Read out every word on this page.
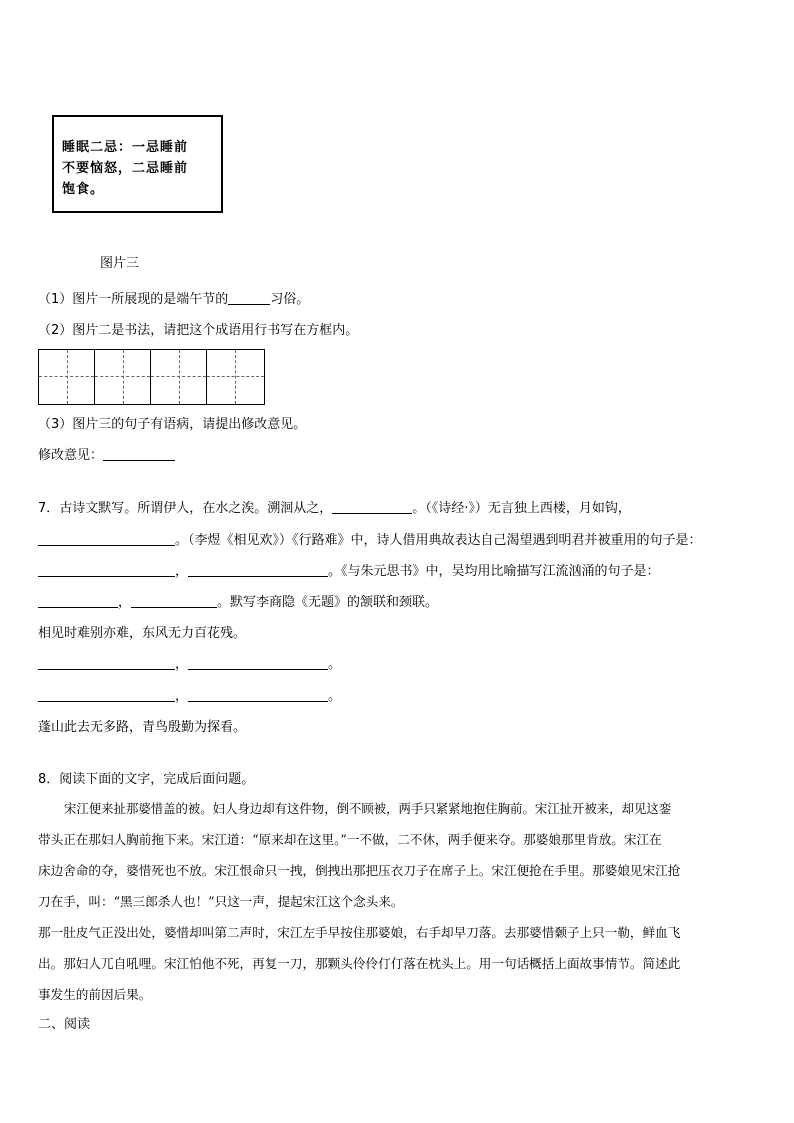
睡眠二忌：一忌睡前
不要恼怒，二忌睡前
饱食。
图片三
（1）图片一所展现的是端午节的	习俗。
（2）图片二是书法，请把这个成语用行书写在方框内。
（3）图片三的句子有语病，请提出修改意见。
修改意见：
7．古诗文默写。所谓伊人，在水之涘。溯洄从之，	。（《诗经·》）无言独上西楼，月如钩，
。（李煜《相见欢》）《行路难》中，诗人借用典故表达自己渴望遇到明君并被重用的句子是：
，	。《与朱元思书》中，吴均用比喻描写江流汹涌的句子是：
，	。默写李商隐《无题》的颔联和颈联。
相见时难别亦难，东风无力百花残。
，	。
，	。
蓬山此去无多路，青鸟殷勤为探看。
8．阅读下面的文字，完成后面问题。
宋江便来扯那婆惜盖的被。妇人身边却有这件物，倒不顾被，两手只紧紧地抱住胸前。宋江扯开被来，却见这銮
带头正在那妇人胸前拖下来。宋江道：“原来却在这里。”一不做，二不休，两手便来夺。那婆娘那里肯放。宋江在
床边舍命的夺，婆惜死也不放。宋江恨命只一拽，倒拽出那把压衣刀子在席子上。宋江便抢在手里。那婆娘见宋江抢
刀在手，叫：“黑三郎杀人也！”只这一声，提起宋江这个念头来。
那一肚皮气正没出处，婆惜却叫第二声时，宋江左手早按住那婆娘，右手却早刀落。去那婆惜颡子上只一勒，鲜血飞
出。那妇人兀自吼哩。宋江怕他不死，再复一刀，那颗头伶伶仃仃落在枕头上。用一句话概括上面故事情节。简述此
事发生的前因后果。
二、阅读
